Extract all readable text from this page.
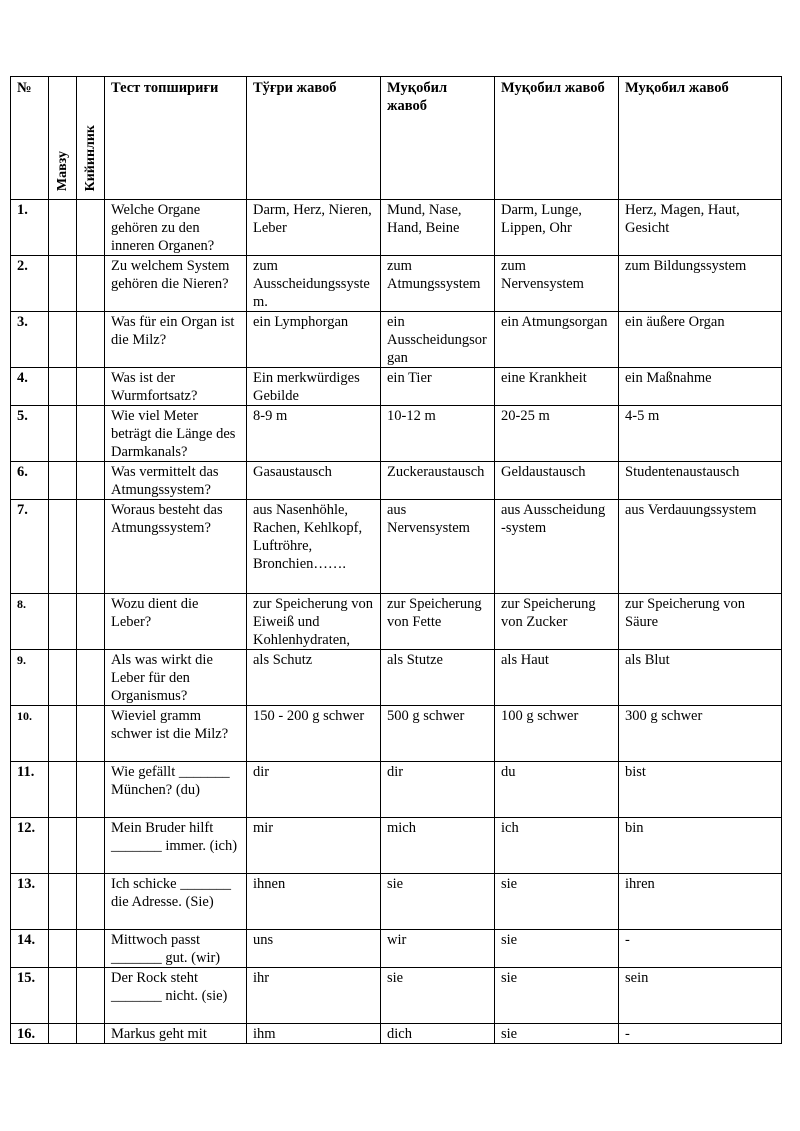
№	Мавзу	Кийинлик	Тест топшириғи	Тўғри жавоб	Муқобил жавоб	Муқобил жавоб	Муқобил жавоб
1.			Welche Organe gehören zu den inneren Organen?	Darm, Herz, Nieren, Leber	Mund, Nase, Hand, Beine	Darm, Lunge, Lippen, Ohr	Herz, Magen, Haut, Gesicht
2.			Zu welchem System gehören die Nieren?	zum Ausscheidungssystem.	zum Atmungssystem	zum Nervensystem	zum Bildungssystem
3.			Was für ein Organ ist die Milz?	ein Lymphorgan	ein Ausscheidungsorgan	ein Atmungsorgan	ein äußere Organ
4.			Was ist der Wurmfortsatz?	Ein merkwürdiges Gebilde	ein Tier	eine Krankheit	ein Maßnahme
5.			Wie viel Meter beträgt die Länge des Darmkanals?	8-9 m	10-12 m	20-25 m	4-5 m
6.			Was vermittelt das Atmungssystem?	Gasaustausch	Zuckeraustausch	Geldaustausch	Studentenaustausch
7.			Woraus besteht das Atmungssystem?	aus Nasenhöhle, Rachen, Kehlkopf, Luftröhre, Bronchien…….	aus Nervensystem	aus Ausscheidung -system	aus Verdauungssystem
8.			Wozu dient die Leber?	zur Speicherung von Eiweiß und Kohlenhydraten,	zur Speicherung von Fette	zur Speicherung von Zucker	zur Speicherung von Säure
9.			Als was wirkt die Leber für den Organismus?	als Schutz	als Stutze	als Haut	als Blut
10.			Wieviel gramm schwer ist die Milz?	150 - 200 g schwer	500 g schwer	100 g schwer	300 g schwer
11.			Wie gefällt _______ München? (du)	dir	dir	du	bist
12.			Mein Bruder hilft _______ immer. (ich)	mir	mich	ich	bin
13.			Ich schicke _______ die Adresse. (Sie)	ihnen	sie	sie	ihren
14.			Mittwoch passt _______ gut. (wir)	uns	wir	sie	-
15.			Der Rock steht _______ nicht. (sie)	ihr	sie	sie	sein
16.			Markus geht mit	ihm	dich	sie	-
